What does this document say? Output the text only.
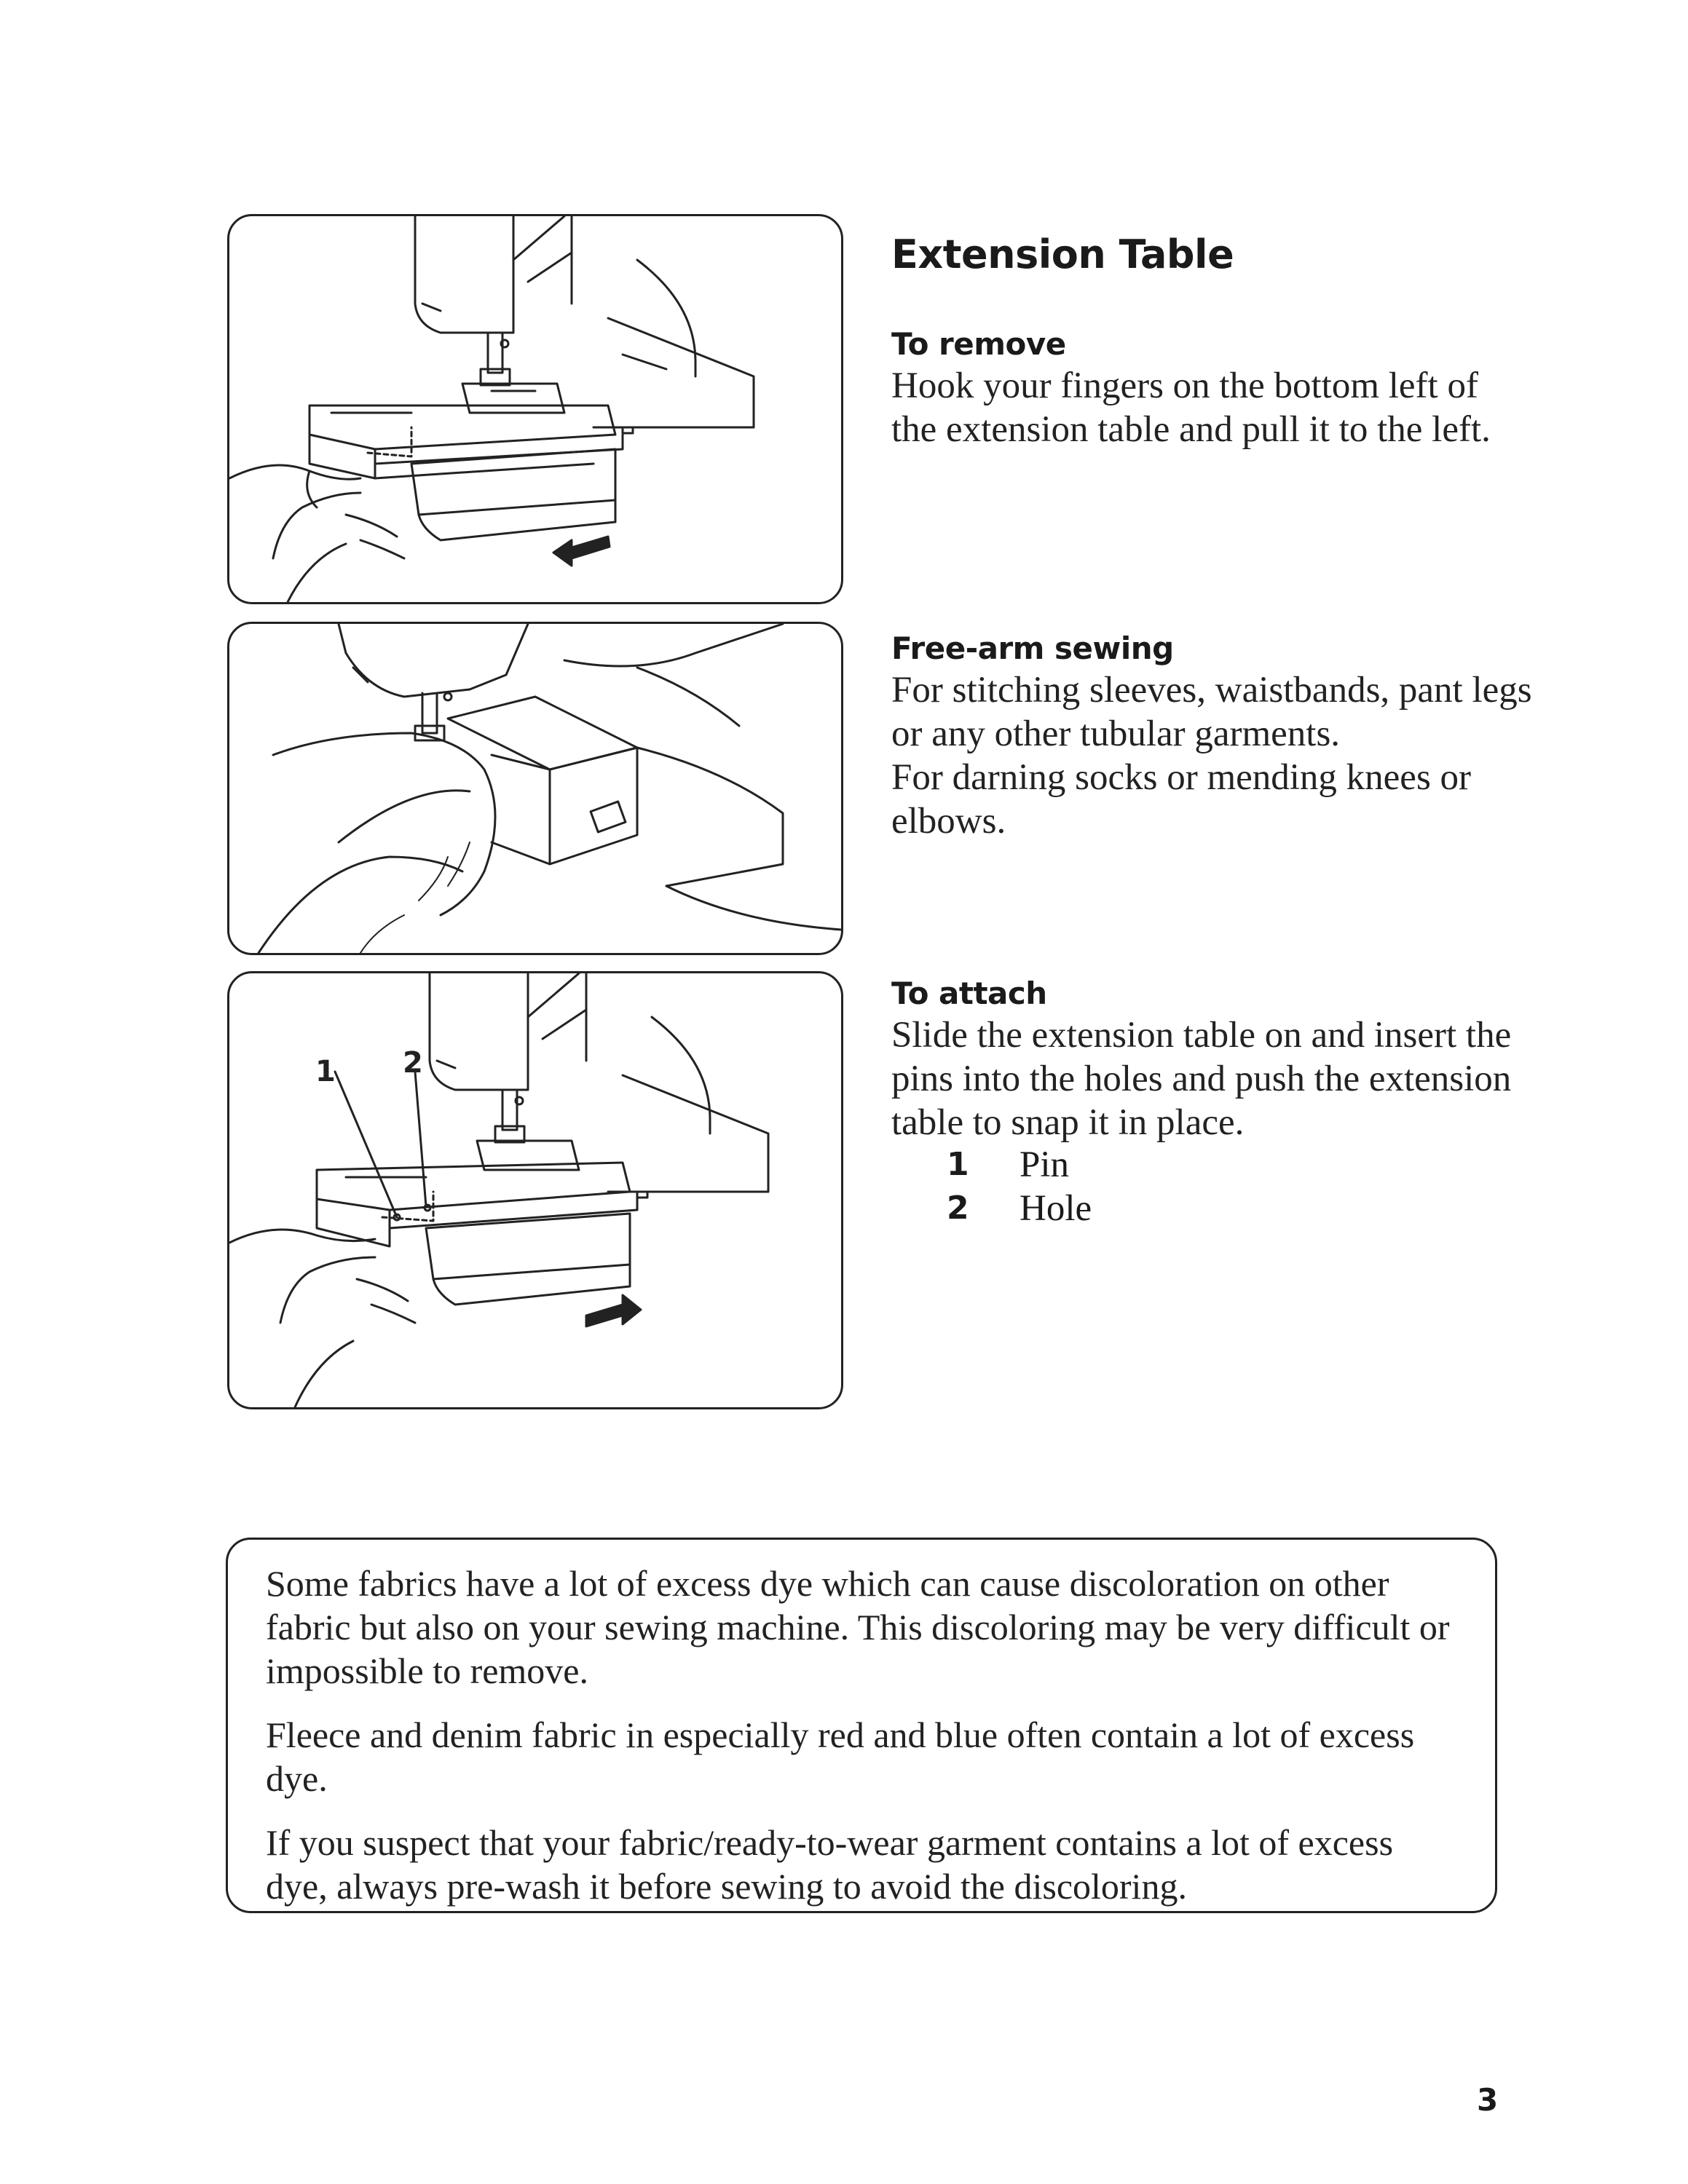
1 2
Extension Table
To remove

Hook your fingers on the bottom left of the extension table and pull it to the left.

Free-arm sewing

For stitching sleeves, waistbands, pant legs or any other tubular garments.

For darning socks or mending knees or elbows.

To attach

Slide the extension table on and insert the pins into the holes and push the extension table to snap it in place.

1	Pin
2	Hole

Some fabrics have a lot of excess dye which can cause discoloration on other fabric but also on your sewing machine. This discoloring may be very difficult or impossible to remove.

Fleece and denim fabric in especially red and blue often contain a lot of excess dye.

If you suspect that your fabric/ready-to-wear garment contains a lot of excess dye, always pre-wash it before sewing to avoid the discoloring.

3
